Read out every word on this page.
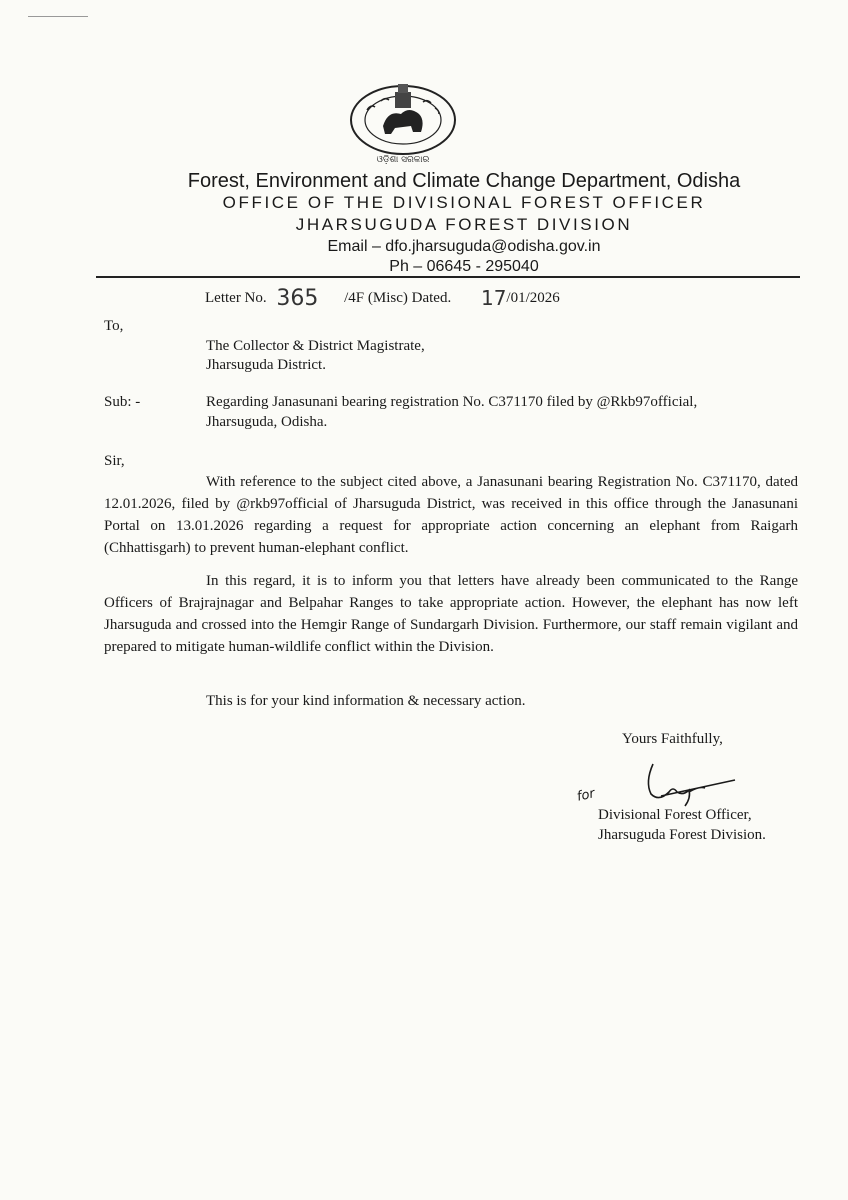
ଓଡ଼ିଶା ସରକାର
Forest, Environment and Climate Change Department, Odisha
OFFICE OF THE DIVISIONAL FOREST OFFICER
JHARSUGUDA FOREST DIVISION
Email – dfo.jharsuguda@odisha.gov.in
Ph – 06645 - 295040
Letter No. 365 /4F (Misc) Dated. 17/01/2026
To,
The Collector & District Magistrate,
Jharsuguda District.
Sub: -	Regarding Janasunani bearing registration No. C371170 filed by @Rkb97official,
Jharsuguda, Odisha.
Sir,
With reference to the subject cited above, a Janasunani bearing Registration No. C371170, dated 12.01.2026, filed by @rkb97official of Jharsuguda District, was received in this office through the Janasunani Portal on 13.01.2026 regarding a request for appropriate action concerning an elephant from Raigarh (Chhattisgarh) to prevent human-elephant conflict.
In this regard, it is to inform you that letters have already been communicated to the Range Officers of Brajrajnagar and Belpahar Ranges to take appropriate action. However, the elephant has now left Jharsuguda and crossed into the Hemgir Range of Sundargarh Division. Furthermore, our staff remain vigilant and prepared to mitigate human-wildlife conflict within the Division.
This is for your kind information & necessary action.
Yours Faithfully,
for
Divisional Forest Officer,
Jharsuguda Forest Division.
